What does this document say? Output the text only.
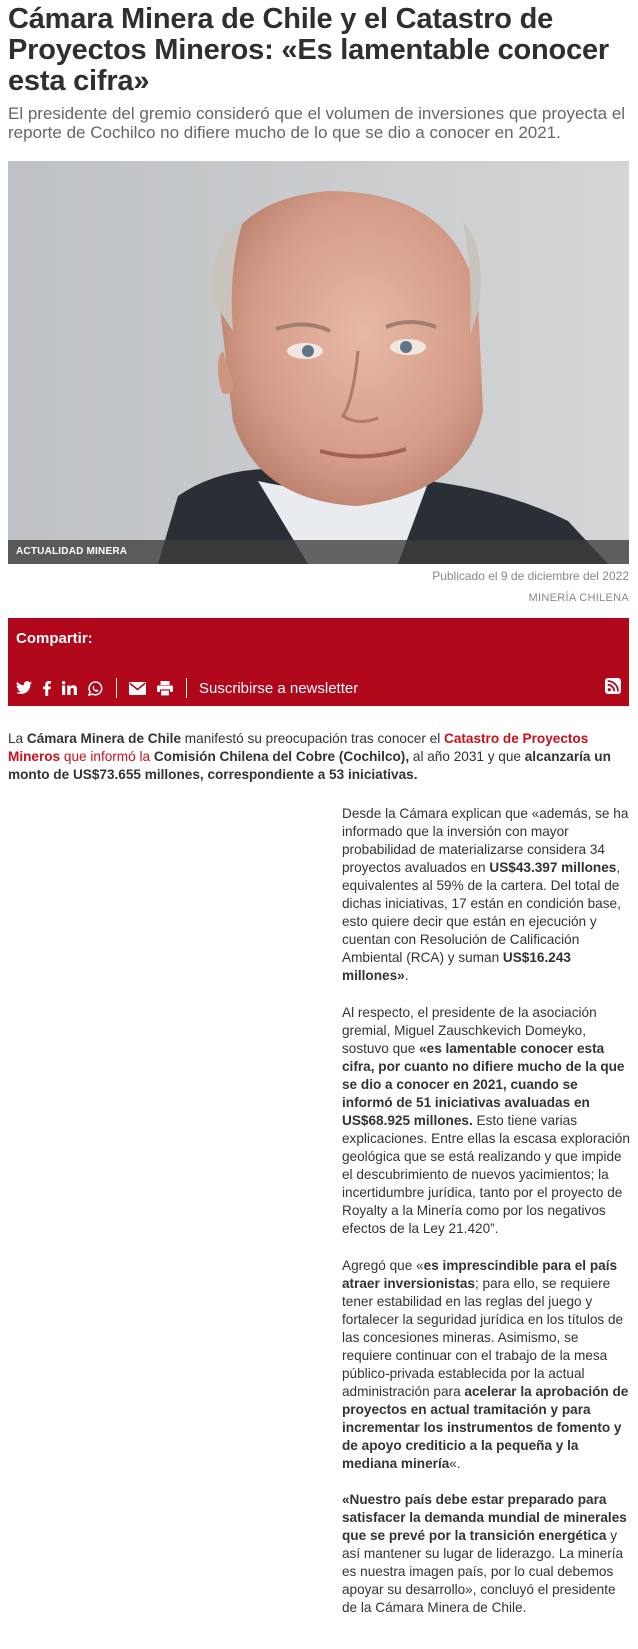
Cámara Minera de Chile y el Catastro de Proyectos Mineros: «Es lamentable conocer esta cifra»

El presidente del gremio consideró que el volumen de inversiones que proyecta el reporte de Cochilco no difiere mucho de lo que se dio a conocer en 2021.

ACTUALIDAD MINERA
Publicado el 9 de diciembre del 2022
MINERÍA CHILENA
Compartir:
Suscribirse a newsletter

La Cámara Minera de Chile manifestó su preocupación tras conocer el Catastro de Proyectos Mineros que informó la Comisión Chilena del Cobre (Cochilco), al año 2031 y que alcanzaría un monto de US$73.655 millones, correspondiente a 53 iniciativas.

Desde la Cámara explican que «además, se ha informado que la inversión con mayor probabilidad de materializarse considera 34 proyectos avaluados en US$43.397 millones, equivalentes al 59% de la cartera. Del total de dichas iniciativas, 17 están en condición base, esto quiere decir que están en ejecución y cuentan con Resolución de Calificación Ambiental (RCA) y suman US$16.243 millones».

Al respecto, el presidente de la asociación gremial, Miguel Zauschkevich Domeyko, sostuvo que «es lamentable conocer esta cifra, por cuanto no difiere mucho de la que se dio a conocer en 2021, cuando se informó de 51 iniciativas avaluadas en US$68.925 millones. Esto tiene varias explicaciones. Entre ellas la escasa exploración geológica que se está realizando y que impide el descubrimiento de nuevos yacimientos; la incertidumbre jurídica, tanto por el proyecto de Royalty a la Minería como por los negativos efectos de la Ley 21.420”.

Agregó que «es imprescindible para el país atraer inversionistas; para ello, se requiere tener estabilidad en las reglas del juego y fortalecer la seguridad jurídica en los títulos de las concesiones mineras. Asimismo, se requiere continuar con el trabajo de la mesa público-privada establecida por la actual administración para acelerar la aprobación de proyectos en actual tramitación y para incrementar los instrumentos de fomento y de apoyo crediticio a la pequeña y la mediana minería«.

«Nuestro país debe estar preparado para satisfacer la demanda mundial de minerales que se prevé por la transición energética y así mantener su lugar de liderazgo. La minería es nuestra imagen país, por lo cual debemos apoyar su desarrollo», concluyó el presidente de la Cámara Minera de Chile.
